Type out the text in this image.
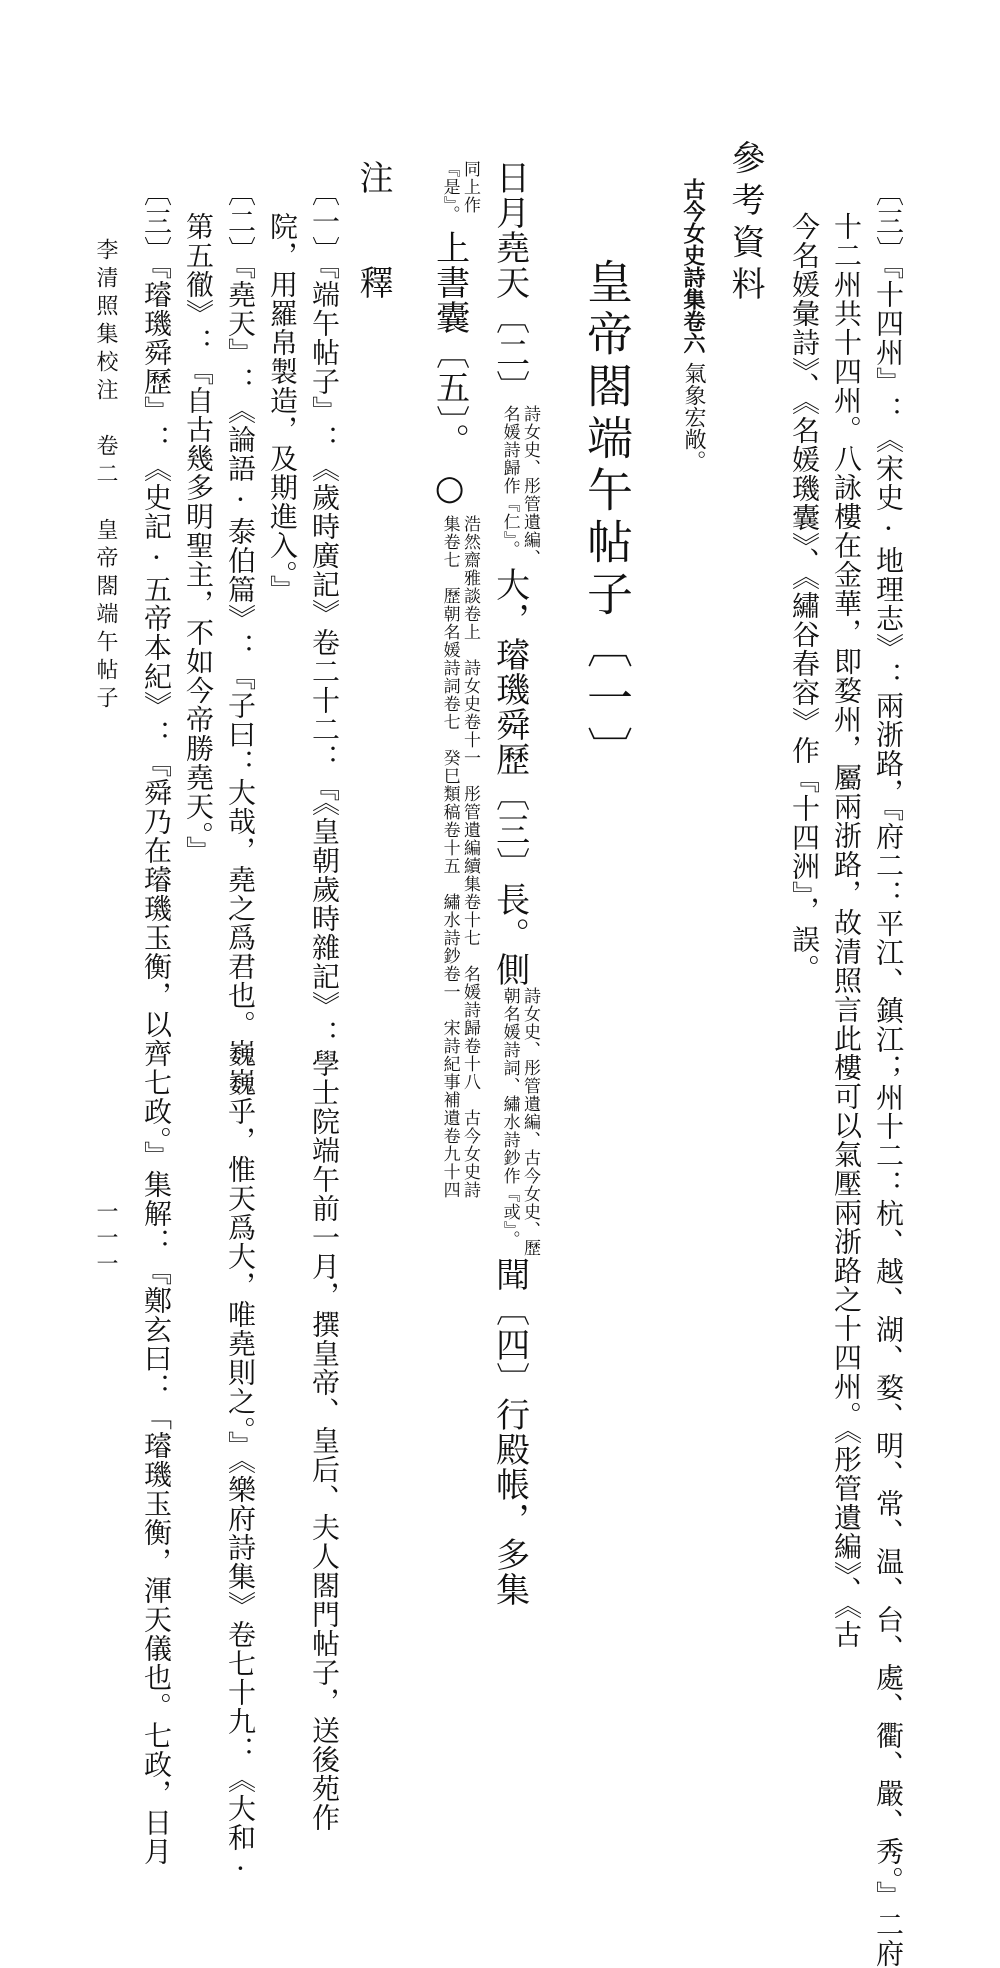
〔三〕『十四州』：《宋史·地理志》：兩浙路，『府二：平江、鎮江；州十二：杭、越、湖、婺、明、常、温、台、處、衢、嚴、秀。』二府
十二州共十四州。八詠樓在金華，即婺州，屬兩浙路，故清照言此樓可以氣壓兩浙路之十四州。《彤管遺編》、《古
今名媛彙詩》、《名媛璣囊》、《繡谷春容》作『十四洲』，誤。
參考資料
古今女史詩集卷六氣象宏敞。
皇帝閤端午帖子〔一〕
日月堯天〔二〕
詩女史、彤管遺編、
名媛詩歸作『仁』。
大，璿璣舜歷〔三〕長。側
詩女史、彤管遺編、古今女史、歷
朝名媛詩詞、繡水詩鈔作『或』。
聞〔四〕行殿帳，多集
同上作
『是』。
上書囊〔五〕。○
浩然齋雅談卷上　詩女史卷十一　彤管遺編續集卷十七　名媛詩歸卷十八　古今女史詩
集卷七　歷朝名媛詩詞卷七　癸巳類稿卷十五　繡水詩鈔卷一　宋詩紀事補遺卷九十四
注　　釋
〔一〕『端午帖子』：《歲時廣記》卷二十二：『《皇朝歲時雜記》：學士院端午前一月，撰皇帝、皇后、夫人閤門帖子，送後苑作
院，用羅帛製造，及期進入。』
〔二〕『堯天』：《論語·泰伯篇》：『子曰：大哉，堯之爲君也。巍巍乎，惟天爲大，唯堯則之。』《樂府詩集》卷七十九：《大和·
第五徹》：『自古幾多明聖主，不如今帝勝堯天。』
〔三〕『璿璣舜歷』：《史記·五帝本紀》：『舜乃在璿璣玉衡，以齊七政。』集解：『鄭玄曰：「璿璣玉衡，渾天儀也。七政，日月
李清照集校注　卷二　皇帝閤端午帖子
一一一
